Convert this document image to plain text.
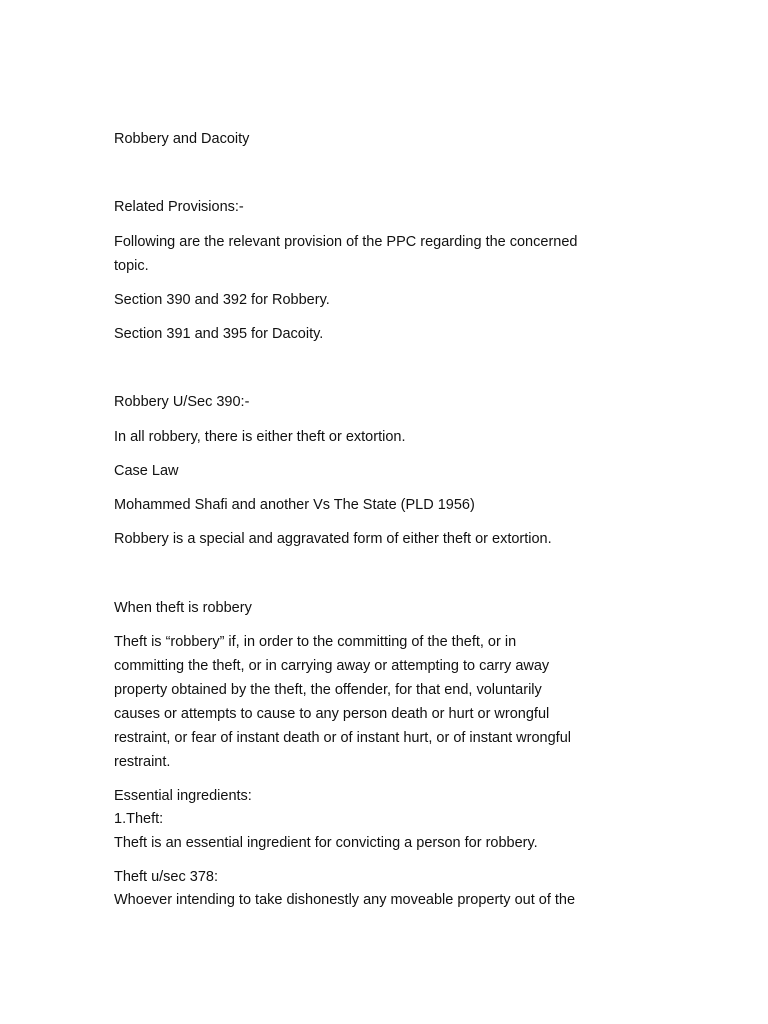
Robbery and Dacoity
Related Provisions:-
Following are the relevant provision of the PPC regarding the concerned
topic.
Section 390 and 392 for Robbery.
Section 391 and 395 for Dacoity.
Robbery U/Sec 390:-
In all robbery, there is either theft or extortion.
Case Law
Mohammed Shafi and another Vs The State (PLD 1956)
Robbery is a special and aggravated form of either theft or extortion.
When theft is robbery
Theft is “robbery” if, in order to the committing of the theft, or in
committing the theft, or in carrying away or attempting to carry away
property obtained by the theft, the offender, for that end, voluntarily
causes or attempts to cause to any person death or hurt or wrongful
restraint, or fear of instant death or of instant hurt, or of instant wrongful
restraint.
Essential ingredients:
1.Theft:
Theft is an essential ingredient for convicting a person for robbery.
Theft u/sec 378:
Whoever intending to take dishonestly any moveable property out of the
